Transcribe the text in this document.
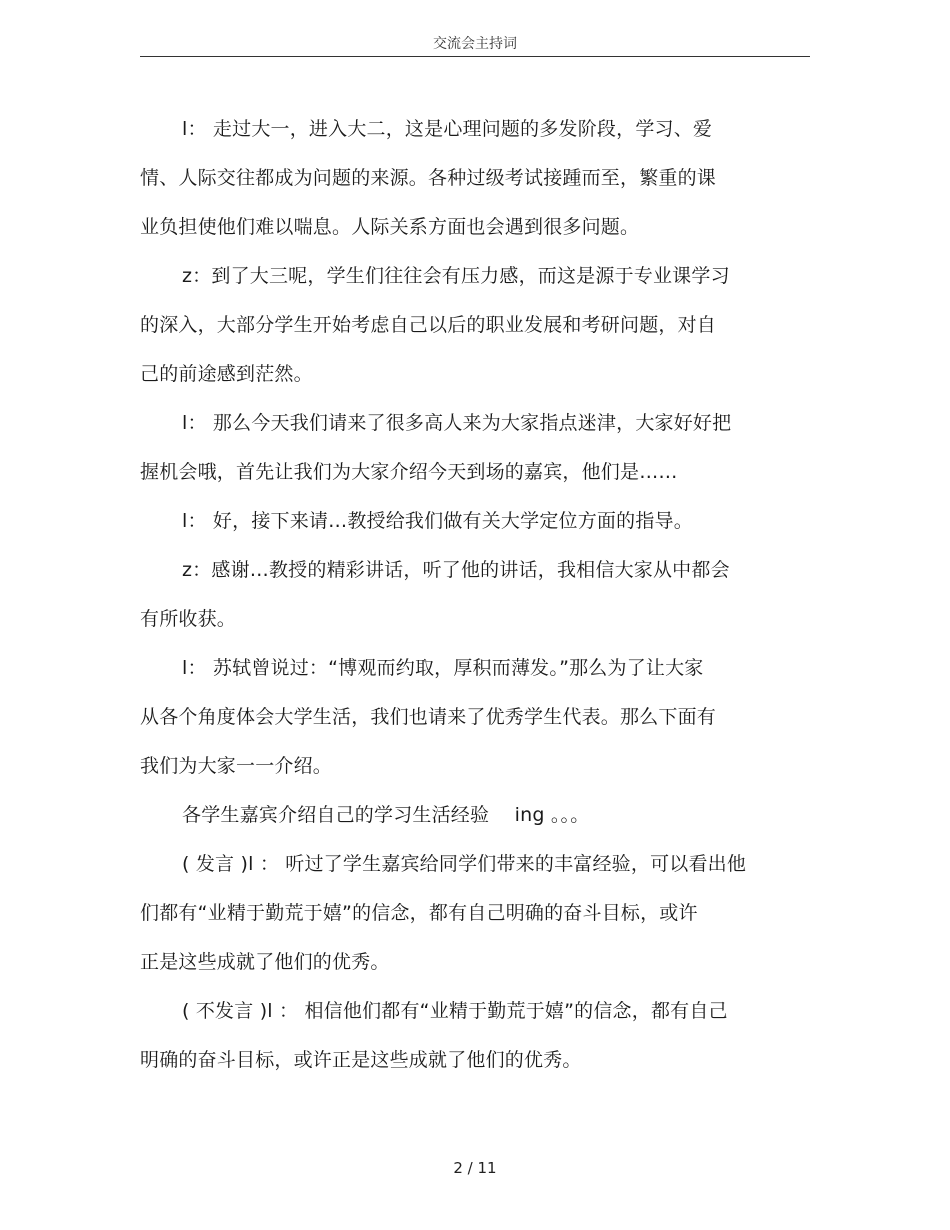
交流会主持词

l： 走过大一，进入大二，这是心理问题的多发阶段，学习、爱
情、人际交往都成为问题的来源。各种过级考试接踵而至，繁重的课
业负担使他们难以喘息。人际关系方面也会遇到很多问题。

z：到了大三呢，学生们往往会有压力感，而这是源于专业课学习
的深入，大部分学生开始考虑自己以后的职业发展和考研问题，对自
己的前途感到茫然。

l： 那么今天我们请来了很多高人来为大家指点迷津，大家好好把
握机会哦，首先让我们为大家介绍今天到场的嘉宾，他们是……

l： 好，接下来请…教授给我们做有关大学定位方面的指导。

z：感谢…教授的精彩讲话，听了他的讲话，我相信大家从中都会
有所收获。

l： 苏轼曾说过：“博观而约取，厚积而薄发。”那么为了让大家
从各个角度体会大学生活，我们也请来了优秀学生代表。那么下面有
我们为大家一一介绍。

各学生嘉宾介绍自己的学习生活经验　 ing 。。。

( 发言 )l ： 听过了学生嘉宾给同学们带来的丰富经验，可以看出他
们都有“业精于勤荒于嬉”的信念，都有自己明确的奋斗目标，或许
正是这些成就了他们的优秀。

( 不发言 )l ： 相信他们都有“业精于勤荒于嬉”的信念，都有自己
明确的奋斗目标，或许正是这些成就了他们的优秀。

2 / 11
